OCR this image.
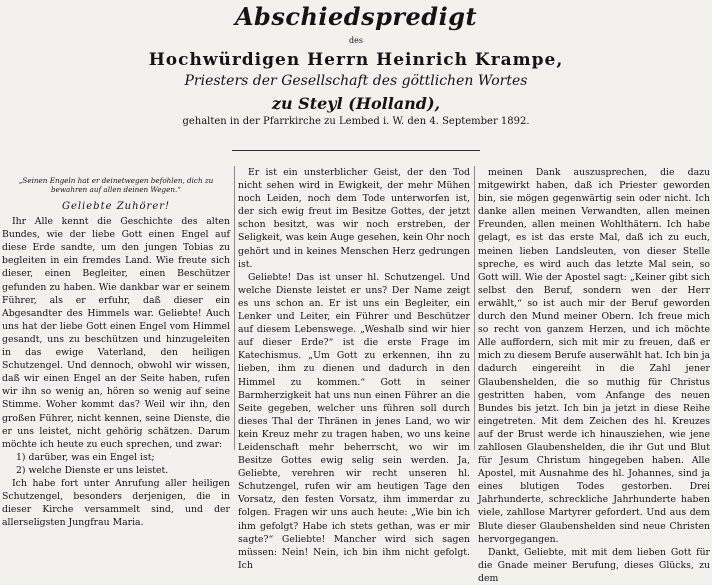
Abschiedspredigt
des
Hochwürdigen Herrn Heinrich Krampe,
Priesters der Gesellschaft des göttlichen Wortes
zu Steyl (Holland),
gehalten in der Pfarrkirche zu Lembed i. W. den 4. September 1892.
„Seinen Engeln hat er deinetwegen befohlen, dich zu bewahren auf allen deinen Wegen.“
Geliebte Zuhörer!

Ihr Alle kennt die Geschichte des alten Bundes, wie der liebe Gott einen Engel auf diese Erde sandte, um den jungen Tobias zu begleiten in ein fremdes Land. Wie freute sich dieser, einen Begleiter, einen Beschützer gefunden zu haben. Wie dankbar war er seinem Führer, als er erfuhr, daß dieser ein Abgesandter des Himmels war. Geliebte! Auch uns hat der liebe Gott einen Engel vom Himmel gesandt, uns zu beschützen und hinzugeleiten in das ewige Vaterland, den heiligen Schutzengel. Und dennoch, obwohl wir wissen, daß wir einen Engel an der Seite haben, rufen wir ihn so wenig an, hören so wenig auf seine Stimme. Woher kommt das? Weil wir ihn, den großen Führer, nicht kennen, seine Dienste, die er uns leistet, nicht gehörig schätzen. Darum möchte ich heute zu euch sprechen, und zwar:

1) darüber, was ein Engel ist;

2) welche Dienste er uns leistet.

Ich habe fort unter Anrufung aller heiligen Schutzengel, besonders derjenigen, die in dieser Kirche versammelt sind, und der allerseligsten Jungfrau Maria.

Er ist ein unsterblicher Geist, der den Tod nicht sehen wird in Ewigkeit, der mehr Mühen noch Leiden, noch dem Tode unterworfen ist, der sich ewig freut im Besitze Gottes, der jetzt schon besitzt, was wir noch erstreben, der Seligkeit, was kein Auge gesehen, kein Ohr noch gehört und in keines Menschen Herz gedrungen ist.

Geliebte! Das ist unser hl. Schutzengel. Und welche Dienste leistet er uns? Der Name zeigt es uns schon an. Er ist uns ein Begleiter, ein Lenker und Leiter, ein Führer und Beschützer auf diesem Lebenswege. „Weshalb sind wir hier auf dieser Erde?“ ist die erste Frage im Katechismus. „Um Gott zu erkennen, ihn zu lieben, ihm zu dienen und dadurch in den Himmel zu kommen.“ Gott in seiner Barmherzigkeit hat uns nun einen Führer an die Seite gegeben, welcher uns führen soll durch dieses Thal der Thränen in jenes Land, wo wir kein Kreuz mehr zu tragen haben, wo uns keine Leidenschaft mehr beherrscht, wo wir im Besitze Gottes ewig selig sein werden. Ja, Geliebte, verehren wir recht unseren hl. Schutzengel, rufen wir am heutigen Tage den Vorsatz, den festen Vorsatz, ihm immerdar zu folgen. Fragen wir uns auch heute: „Wie bin ich ihm gefolgt? Habe ich stets gethan, was er mir sagte?“ Geliebte! Mancher wird sich sagen müssen: Nein! Nein, ich bin ihm nicht gefolgt. Ich

meinen Dank auszusprechen, die dazu mitgewirkt haben, daß ich Priester geworden bin, sie mögen gegenwärtig sein oder nicht. Ich danke allen meinen Verwandten, allen meinen Freunden, allen meinen Wohlthätern. Ich habe gelagt, es ist das erste Mal, daß ich zu euch, meinen lieben Landsleuten, von dieser Stelle spreche, es wird auch das letzte Mal sein, so Gott will. Wie der Apostel sagt: „Keiner gibt sich selbst den Beruf, sondern wen der Herr erwählt,“ so ist auch mir der Beruf geworden durch den Mund meiner Obern. Ich freue mich so recht von ganzem Herzen, und ich möchte Alle auffordern, sich mit mir zu freuen, daß er mich zu diesem Berufe auserwählt hat. Ich bin ja dadurch eingereiht in die Zahl jener Glaubenshelden, die so muthig für Christus gestritten haben, vom Anfange des neuen Bundes bis jetzt. Ich bin ja jetzt in diese Reihe eingetreten. Mit dem Zeichen des hl. Kreuzes auf der Brust werde ich hinausziehen, wie jene zahllosen Glaubenshelden, die ihr Gut und Blut für Jesum Christum hingegeben haben. Alle Apostel, mit Ausnahme des hl. Johannes, sind ja eines blutigen Todes gestorben. Drei Jahrhunderte, schreckliche Jahrhunderte haben viele, zahllose Martyrer gefordert. Und aus dem Blute dieser Glaubenshelden sind neue Christen hervorgegangen.

Dankt, Geliebte, mit mit dem lieben Gott für die Gnade meiner Berufung, dieses Glücks, zu dem
